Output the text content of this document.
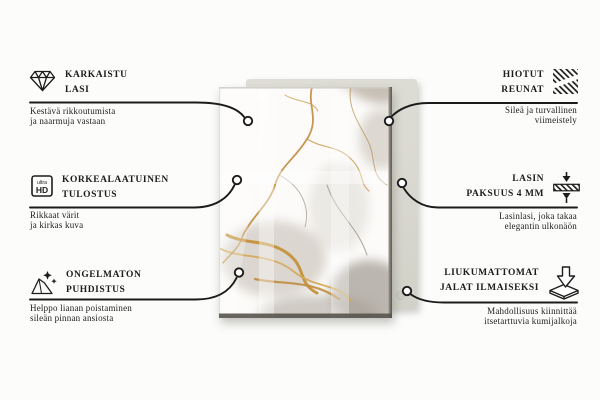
KARKAISTU
LASI
Kestävä rikkoutumista
ja naarmuja vastaan
ultra
HD
KORKEALAATUINEN
TULOSTUS
Rikkaat värit
ja kirkas kuva
ONGELMATON
PUHDISTUS
Helppo lianan poistaminen
sileän pinnan ansiosta
HIOTUT
REUNAT
Sileä ja turvallinen
viimeistely
LASIN
PAKSUUS 4 MM
Lasinlasi, joka takaa
elegantin ulkonäön
LIUKUMATTOMAT
JALAT ILMAISEKSI
Mahdollisuus kiinnittää
itsetarttuvia kumijalkoja
